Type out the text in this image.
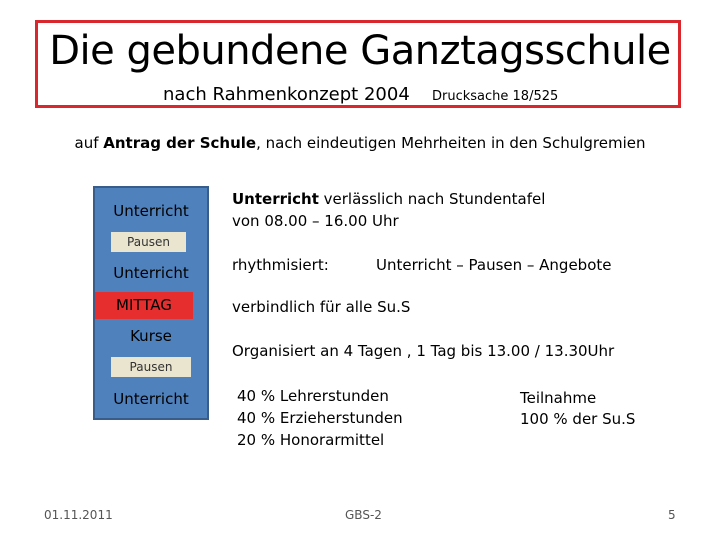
Die gebundene Ganztagsschule
nach Rahmenkonzept 2004 Drucksache 18/525
auf Antrag der Schule, nach eindeutigen Mehrheiten in den Schulgremien
Unterricht
Pausen
Unterricht
MITTAG
Kurse
Pausen
Unterricht
Unterricht verlässlich nach Stundentafel
von 08.00 – 16.00 Uhr
rhythmisiert:	Unterricht – Pausen – Angebote
verbindlich für alle Su.S
Organisiert an 4 Tagen , 1 Tag bis 13.00 / 13.30Uhr
40 % Lehrerstunden
40 % Erzieherstunden
20 % Honorarmittel
Teilnahme
100 % der Su.S
01.11.2011	GBS-2	5
